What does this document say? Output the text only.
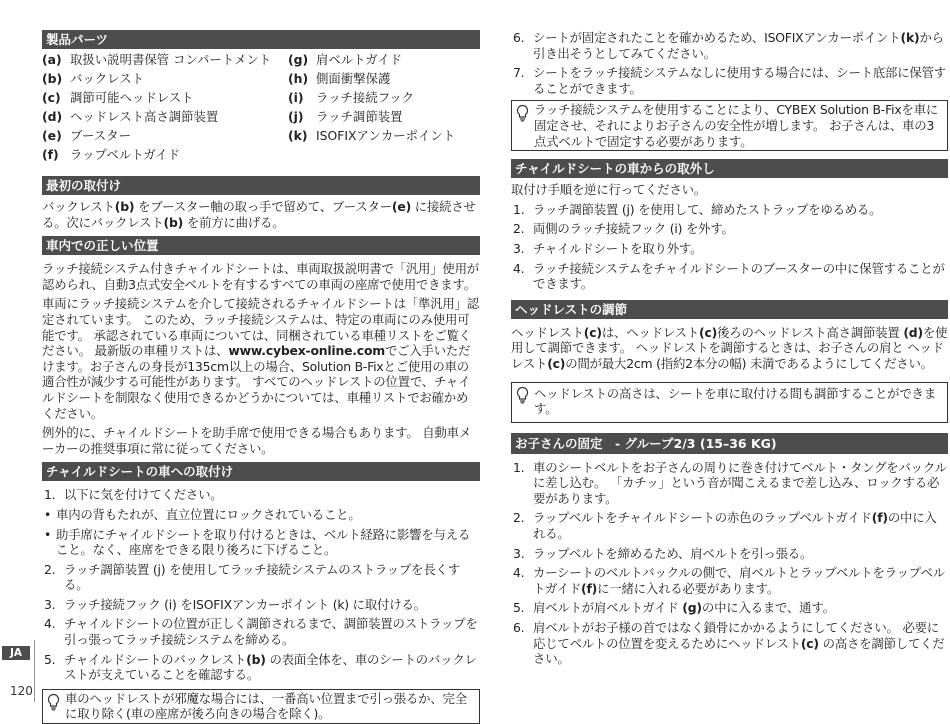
製品パーツ
(a) 取扱い説明書保管 コンパートメント
(b) バックレスト
(c) 調節可能ヘッドレスト
(d) ヘッドレスト高さ調節装置
(e) ブースター
(f) ラップベルトガイド
(g) 肩ベルトガイド
(h) 側面衝撃保護
(i) ラッチ接続フック
(j) ラッチ調節装置
(k) ISOFIXアンカーポイント
最初の取付け

バックレスト(b) をブースター軸の取っ手で留めて、ブースター(e) に接続させる。次にバックレスト(b) を前方に曲げる。

車内での正しい位置

ラッチ接続システム付きチャイルドシートは、車両取扱説明書で「汎用」使用が認められ、自動3点式安全ベルトを有するすべての車両の座席で使用できます。

車両にラッチ接続システムを介して接続されるチャイルドシートは「準汎用」認定されています。 このため、ラッチ接続システムは、特定の車両にのみ使用可能です。 承認されている車両については、同梱されている車種リストをご覧ください。 最新版の車種リストは、www.cybex-online.comでご入手いただけます。お子さんの身長が135cm以上の場合、Solution B-Fixとご使用の車の適合性が減少する可能性があります。 すべてのヘッドレストの位置で、チャイルドシートを制限なく使用できるかどうかについては、車種リストでお確かめください。

例外的に、チャイルドシートを助手席で使用できる場合もあります。 自動車メーカーの推奨事項に常に従ってください。

チャイルドシートの車への取付け

1. 以下に気を付けてください。

• 車内の背もたれが、直立位置にロックされていること。

• 助手席にチャイルドシートを取り付けるときは、ベルト経路に影響を与えること。なく、座席をできる限り後ろに下げること。

2. ラッチ調節装置 (j) を使用してラッチ接続システムのストラップを長くする。

3. ラッチ接続フック (i) をISOFIXアンカーポイント (k) に取付ける。

4. チャイルドシートの位置が正しく調節されるまで、調節装置のストラップを引っ張ってラッチ接続システムを締める。

5. チャイルドシートのバックレスト(b) の表面全体を、車のシートのバックレストが支えていることを確認する。

車のヘッドレストが邪魔な場合には、一番高い位置まで引っ張るか、完全に取り除く(車の座席が後ろ向きの場合を除く)。

6. シートが固定されたことを確かめるため、ISOFIXアンカーポイント(k)から引き出そうとしてみてください。

7. シートをラッチ接続システムなしに使用する場合には、シート底部に保管することができます。

ラッチ接続システムを使用することにより、CYBEX Solution B-Fixを車に固定させ、それによりお子さんの安全性が増します。 お子さんは、車の3点式ベルトで固定する必要があります。
チャイルドシートの車からの取外し

取付け手順を逆に行ってください。

1. ラッチ調節装置 (j) を使用して、締めたストラップをゆるめる。

2. 両側のラッチ接続フック (i) を外す。

3. チャイルドシートを取り外す。

4. ラッチ接続システムをチャイルドシートのブースターの中に保管することができます。

ヘッドレストの調節

ヘッドレスト(c)は、ヘッドレスト(c)後ろのヘッドレスト高さ調節装置 (d)を使用して調節できます。 ヘッドレストを調節するときは、お子さんの肩と ヘッドレスト(c)の間が最大2cm (指約2本分の幅) 未満であるようにしてください。

ヘッドレストの高さは、シートを車に取付ける間も調節することができます。
お子さんの固定　- グループ2/3 (15–36 KG)

1. 車のシートベルトをお子さんの周りに巻き付けてベルト・タングをバックルに差し込む。 「カチッ」という音が聞こえるまで差し込み、ロックする必要があります。

2. ラップベルトをチャイルドシートの赤色のラップベルトガイド(f)の中に入れる。

3. ラップベルトを締めるため、肩ベルトを引っ張る。

4. カーシートのベルトバックルの側で、肩ベルトとラップベルトをラップベルトガイド(f)に一緒に入れる必要があります。

5. 肩ベルトが肩ベルトガイド (g)の中に入るまで、通す。

6. 肩ベルトがお子様の首ではなく鎖骨にかかるようにしてください。 必要に応じてベルトの位置を変えるためにヘッドレスト(c) の高さを調節してください。

JA
120
